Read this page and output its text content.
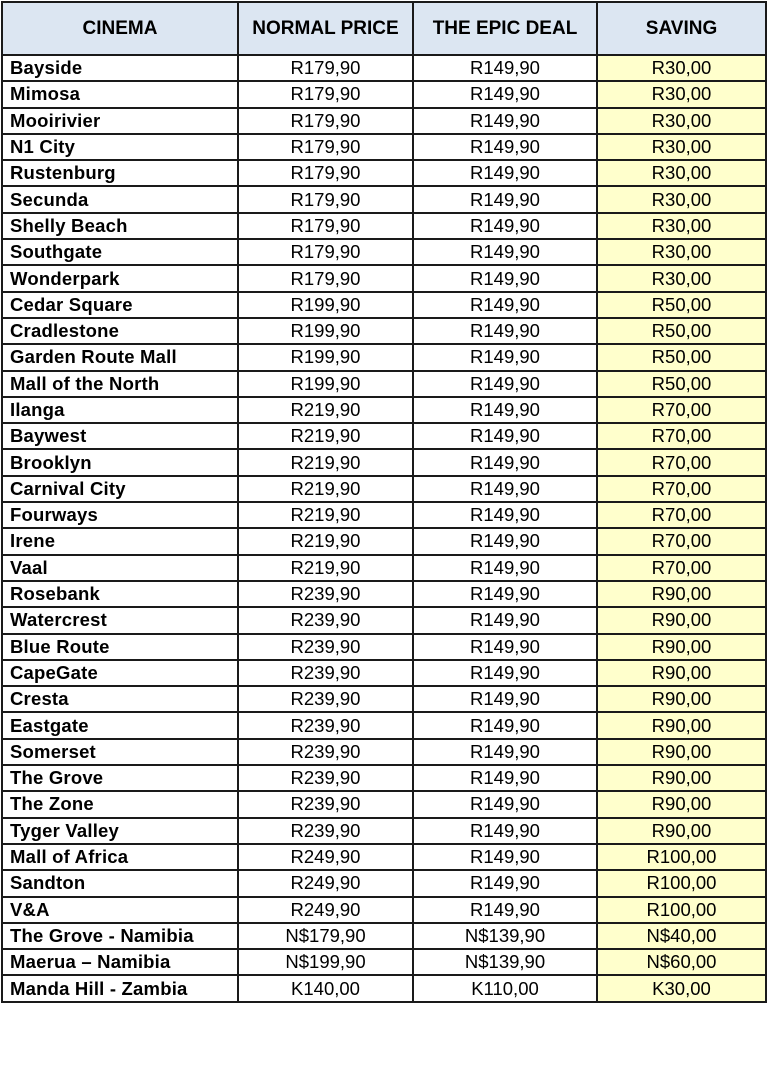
CINEMA	NORMAL PRICE	THE EPIC DEAL	SAVING
Bayside	R179,90	R149,90	R30,00
Mimosa	R179,90	R149,90	R30,00
Mooirivier	R179,90	R149,90	R30,00
N1 City	R179,90	R149,90	R30,00
Rustenburg	R179,90	R149,90	R30,00
Secunda	R179,90	R149,90	R30,00
Shelly Beach	R179,90	R149,90	R30,00
Southgate	R179,90	R149,90	R30,00
Wonderpark	R179,90	R149,90	R30,00
Cedar Square	R199,90	R149,90	R50,00
Cradlestone	R199,90	R149,90	R50,00
Garden Route Mall	R199,90	R149,90	R50,00
Mall of the North	R199,90	R149,90	R50,00
Ilanga	R219,90	R149,90	R70,00
Baywest	R219,90	R149,90	R70,00
Brooklyn	R219,90	R149,90	R70,00
Carnival City	R219,90	R149,90	R70,00
Fourways	R219,90	R149,90	R70,00
Irene	R219,90	R149,90	R70,00
Vaal	R219,90	R149,90	R70,00
Rosebank	R239,90	R149,90	R90,00
Watercrest	R239,90	R149,90	R90,00
Blue Route	R239,90	R149,90	R90,00
CapeGate	R239,90	R149,90	R90,00
Cresta	R239,90	R149,90	R90,00
Eastgate	R239,90	R149,90	R90,00
Somerset	R239,90	R149,90	R90,00
The Grove	R239,90	R149,90	R90,00
The Zone	R239,90	R149,90	R90,00
Tyger Valley	R239,90	R149,90	R90,00
Mall of Africa	R249,90	R149,90	R100,00
Sandton	R249,90	R149,90	R100,00
V&A	R249,90	R149,90	R100,00
The Grove - Namibia	N$179,90	N$139,90	N$40,00
Maerua – Namibia	N$199,90	N$139,90	N$60,00
Manda Hill - Zambia	K140,00	K110,00	K30,00
